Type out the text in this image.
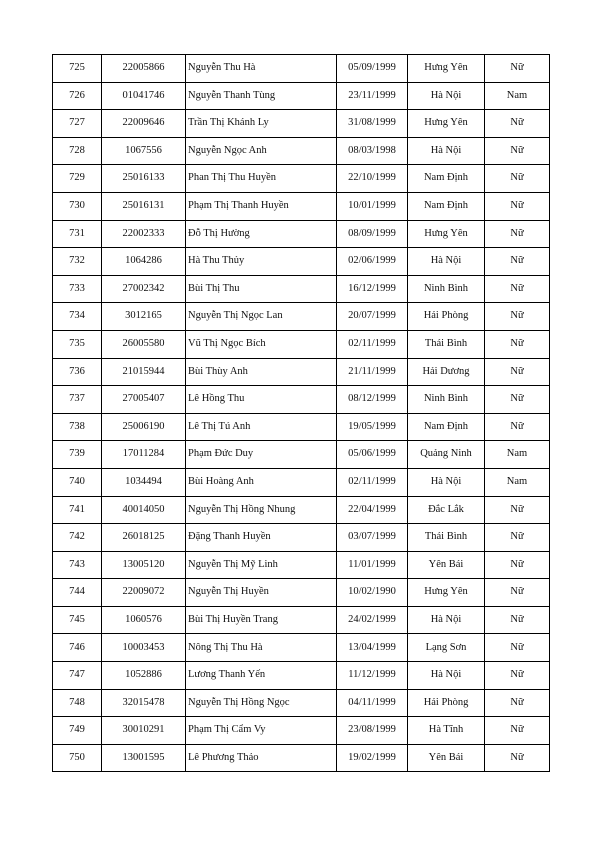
725	22005866	Nguyễn Thu Hà	05/09/1999	Hưng Yên	Nữ
726	01041746	Nguyễn Thanh Tùng	23/11/1999	Hà Nội	Nam
727	22009646	Trần Thị Khánh Ly	31/08/1999	Hưng Yên	Nữ
728	1067556	Nguyễn Ngọc Anh	08/03/1998	Hà Nội	Nữ
729	25016133	Phan Thị Thu Huyền	22/10/1999	Nam Định	Nữ
730	25016131	Phạm Thị Thanh Huyền	10/01/1999	Nam Định	Nữ
731	22002333	Đỗ Thị Hường	08/09/1999	Hưng Yên	Nữ
732	1064286	Hà Thu Thủy	02/06/1999	Hà Nội	Nữ
733	27002342	Bùi Thị Thu	16/12/1999	Ninh Bình	Nữ
734	3012165	Nguyễn Thị Ngọc Lan	20/07/1999	Hải Phòng	Nữ
735	26005580	Vũ Thị Ngọc Bích	02/11/1999	Thái Bình	Nữ
736	21015944	Bùi Thùy Anh	21/11/1999	Hải Dương	Nữ
737	27005407	Lê Hồng Thu	08/12/1999	Ninh Bình	Nữ
738	25006190	Lê Thị Tú Anh	19/05/1999	Nam Định	Nữ
739	17011284	Phạm Đức Duy	05/06/1999	Quảng Ninh	Nam
740	1034494	Bùi Hoàng Anh	02/11/1999	Hà Nội	Nam
741	40014050	Nguyễn Thị Hồng Nhung	22/04/1999	Đắc Lắk	Nữ
742	26018125	Đặng Thanh Huyền	03/07/1999	Thái Bình	Nữ
743	13005120	Nguyễn Thị Mỹ Linh	11/01/1999	Yên Bái	Nữ
744	22009072	Nguyễn Thị Huyền	10/02/1990	Hưng Yên	Nữ
745	1060576	Bùi Thị Huyền Trang	24/02/1999	Hà Nội	Nữ
746	10003453	Nông Thị Thu Hà	13/04/1999	Lạng Sơn	Nữ
747	1052886	Lương Thanh Yến	11/12/1999	Hà Nội	Nữ
748	32015478	Nguyễn Thị Hồng Ngọc	04/11/1999	Hải Phòng	Nữ
749	30010291	Phạm Thị Cẩm Vy	23/08/1999	Hà Tĩnh	Nữ
750	13001595	Lê Phương Thảo	19/02/1999	Yên Bái	Nữ
